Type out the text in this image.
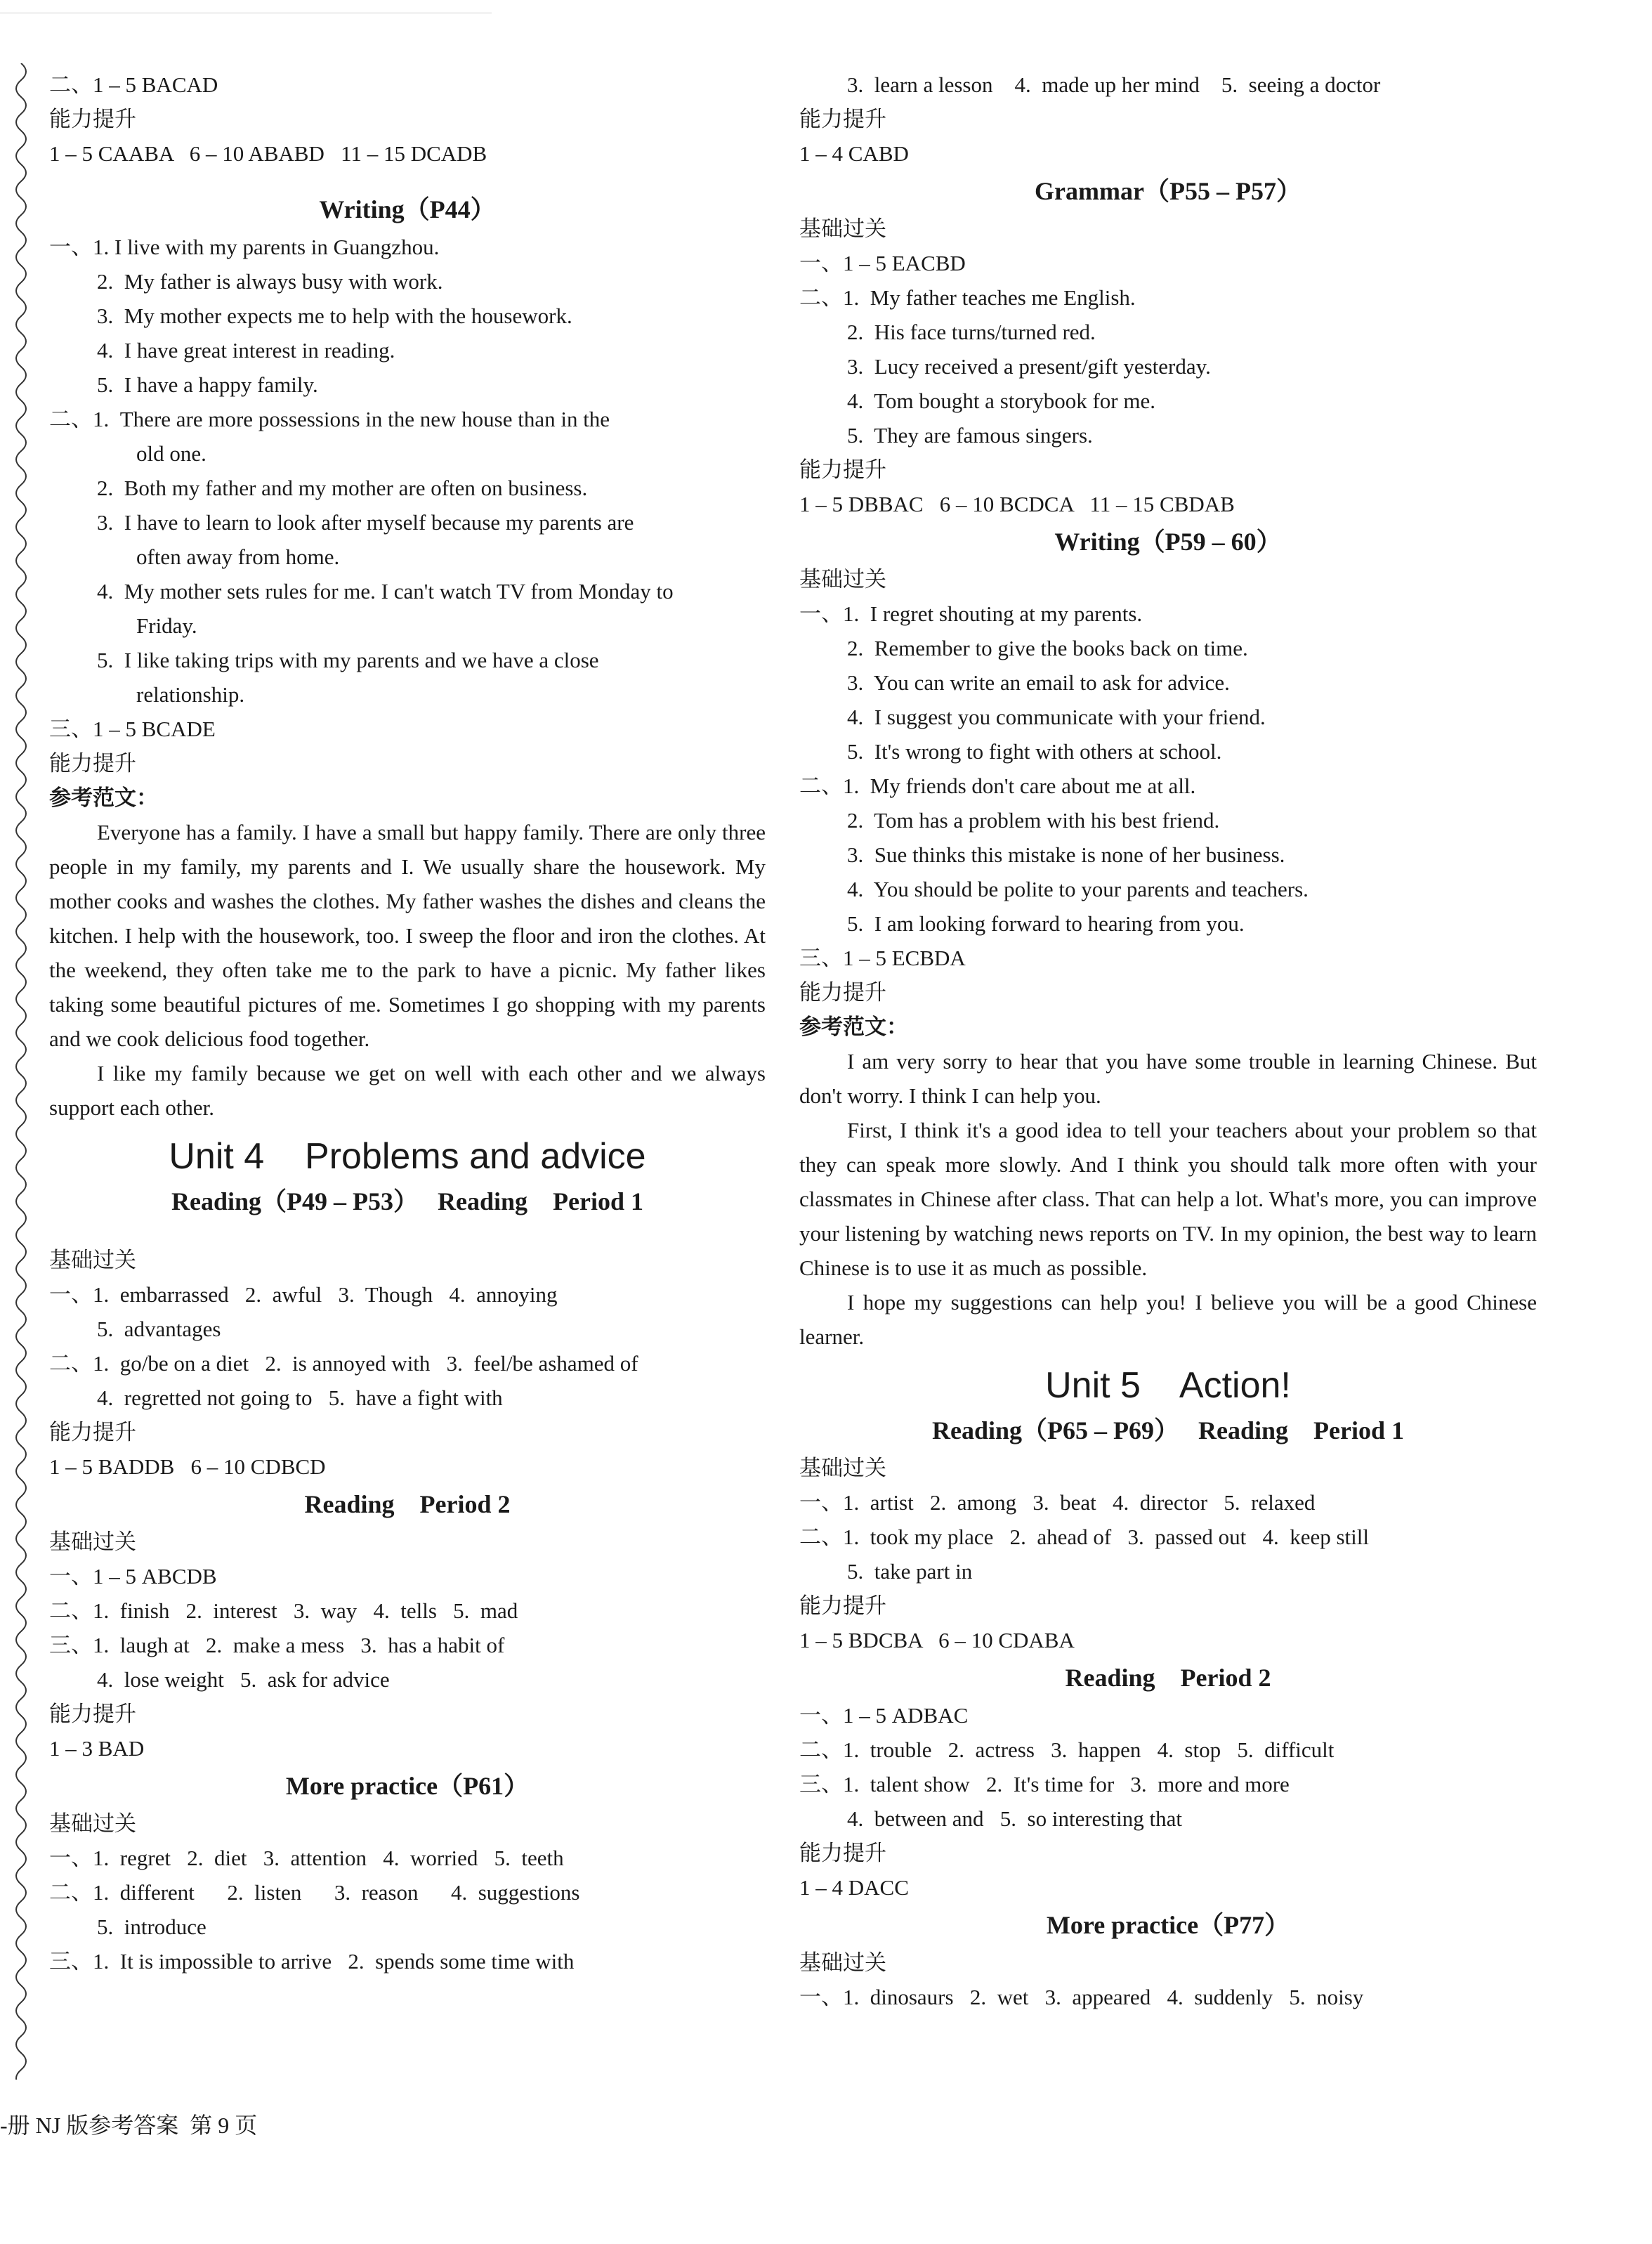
二、1 – 5 BACAD
能力提升
1 – 5 CAABA   6 – 10 ABABD   11 – 15 DCADB
Writing（P44）
一、1. I live with my parents in Guangzhou.
2.  My father is always busy with work.
3.  My mother expects me to help with the housework.
4.  I have great interest in reading.
5.  I have a happy family.
二、1.  There are more possessions in the new house than in the
old one.
2.  Both my father and my mother are often on business.
3.  I have to learn to look after myself because my parents are
often away from home.
4.  My mother sets rules for me. I can't watch TV from Monday to
Friday.
5.  I like taking trips with my parents and we have a close
relationship.
三、1 – 5 BCADE
能力提升
参考范文：
Everyone has a family. I have a small but happy family. There are only three people in my family, my parents and I. We usually share the housework. My mother cooks and washes the clothes. My father washes the dishes and cleans the kitchen. I help with the housework, too. I sweep the floor and iron the clothes. At the weekend, they often take me to the park to have a picnic. My father likes taking some beautiful pictures of me. Sometimes I go shopping with my parents and we cook delicious food together.
I like my family because we get on well with each other and we always support each other.
Unit 4    Problems and advice
Reading（P49 – P53）   Reading    Period 1
基础过关
一、1.  embarrassed   2.  awful   3.  Though   4.  annoying
5.  advantages
二、1.  go/be on a diet   2.  is annoyed with   3.  feel/be ashamed of
4.  regretted not going to   5.  have a fight with
能力提升
1 – 5 BADDB   6 – 10 CDBCD
Reading    Period 2
基础过关
一、1 – 5 ABCDB
二、1.  finish   2.  interest   3.  way   4.  tells   5.  mad
三、1.  laugh at   2.  make a mess   3.  has a habit of
4.  lose weight   5.  ask for advice
能力提升
1 – 3 BAD
More practice（P61）
基础过关
一、1.  regret   2.  diet   3.  attention   4.  worried   5.  teeth
二、1.  different      2.  listen      3.  reason      4.  suggestions
5.  introduce
三、1.  It is impossible to arrive   2.  spends some time with
3.  learn a lesson    4.  made up her mind    5.  seeing a doctor
能力提升
1 – 4 CABD
Grammar（P55 – P57）
基础过关
一、1 – 5 EACBD
二、1.  My father teaches me English.
2.  His face turns/turned red.
3.  Lucy received a present/gift yesterday.
4.  Tom bought a storybook for me.
5.  They are famous singers.
能力提升
1 – 5 DBBAC   6 – 10 BCDCA   11 – 15 CBDAB
Writing（P59 – 60）
基础过关
一、1.  I regret shouting at my parents.
2.  Remember to give the books back on time.
3.  You can write an email to ask for advice.
4.  I suggest you communicate with your friend.
5.  It's wrong to fight with others at school.
二、1.  My friends don't care about me at all.
2.  Tom has a problem with his best friend.
3.  Sue thinks this mistake is none of her business.
4.  You should be polite to your parents and teachers.
5.  I am looking forward to hearing from you.
三、1 – 5 ECBDA
能力提升
参考范文：
I am very sorry to hear that you have some trouble in learning Chinese. But don't worry. I think I can help you.
First, I think it's a good idea to tell your teachers about your problem so that they can speak more slowly. And I think you should talk more often with your classmates in Chinese after class. That can help a lot. What's more, you can improve your listening by watching news reports on TV. In my opinion, the best way to learn Chinese is to use it as much as possible.
I hope my suggestions can help you! I believe you will be a good Chinese learner.
Unit 5    Action!
Reading（P65 – P69）   Reading    Period 1
基础过关
一、1.  artist   2.  among   3.  beat   4.  director   5.  relaxed
二、1.  took my place   2.  ahead of   3.  passed out   4.  keep still
5.  take part in
能力提升
1 – 5 BDCBA   6 – 10 CDABA
Reading    Period 2
一、1 – 5 ADBAC
二、1.  trouble   2.  actress   3.  happen   4.  stop   5.  difficult
三、1.  talent show   2.  It's time for   3.  more and more
4.  between and   5.  so interesting that
能力提升
1 – 4 DACC
More practice（P77）
基础过关
一、1.  dinosaurs   2.  wet   3.  appeared   4.  suddenly   5.  noisy
-册 NJ 版参考答案  第 9 页
